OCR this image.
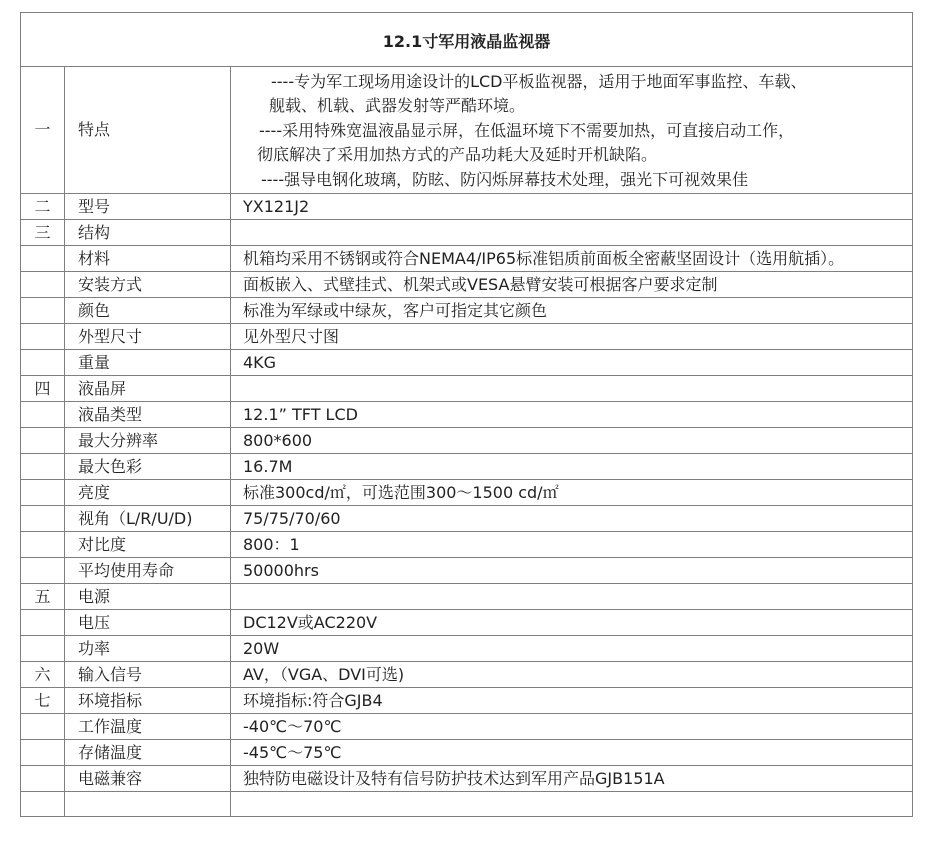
12.1寸军用液晶监视器		
一	特点	----专为军工现场用途设计的LCD平板监视器，适用于地面军事监控、车载、
舰载、机载、武器发射等严酷环境。
----采用特殊宽温液晶显示屏，在低温环境下不需要加热，可直接启动工作，
彻底解决了采用加热方式的产品功耗大及延时开机缺陷。
----强导电钢化玻璃，防眩、防闪烁屏幕技术处理，强光下可视效果佳

二	型号	YX121J2
三	结构	
	材料	机箱均采用不锈钢或符合NEMA4/IP65标准铝质前面板全密蔽坚固设计（选用航插）。
	安装方式	面板嵌入、式壁挂式、机架式或VESA悬臂安装可根据客户要求定制
	颜色	标准为军绿或中绿灰，客户可指定其它颜色
	外型尺寸	见外型尺寸图
	重量	4KG
四	液晶屏	
	液晶类型	12.1” TFT LCD
	最大分辨率	800*600
	最大色彩	16.7M
	亮度	标准300cd/㎡，可选范围300～1500 cd/㎡
	视角（L/R/U/D)	75/75/70/60
	对比度	800：1
	平均使用寿命	50000hrs
五	电源	
	电压	DC12V或AC220V
	功率	20W
六	输入信号	AV，（VGA、DVI可选)
七	环境指标	环境指标:符合GJB4
	工作温度	-40℃～70℃
	存储温度	-45℃～75℃
	电磁兼容	独特防电磁设计及特有信号防护技术达到军用产品GJB151A
